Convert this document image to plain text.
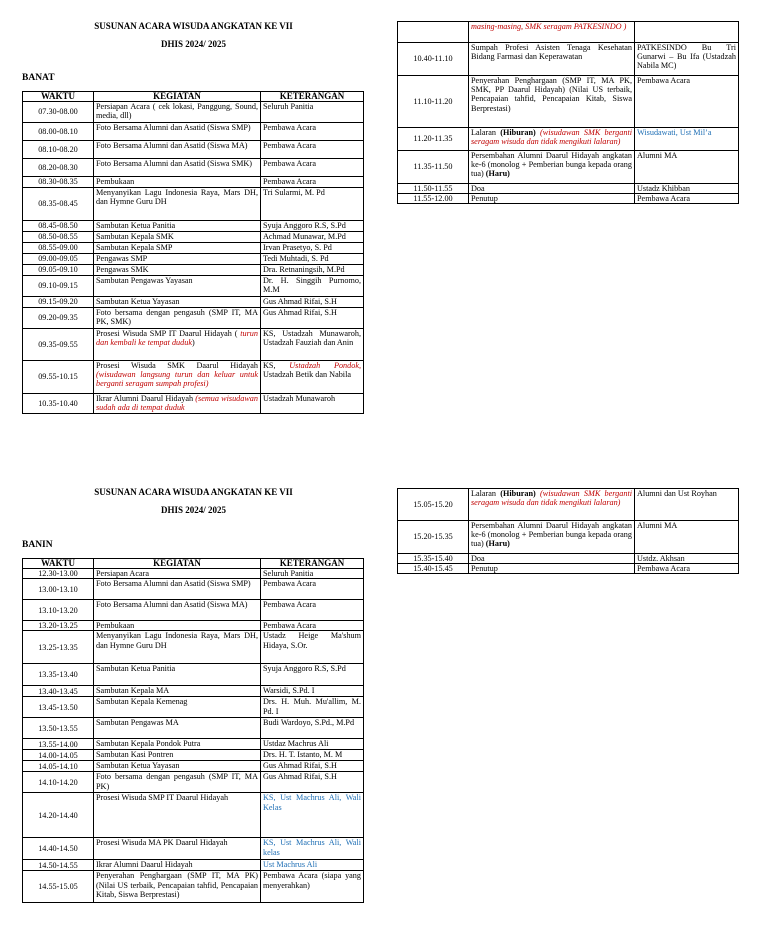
SUSUNAN ACARA WISUDA ANGKATAN KE VII
DHIS 2024/ 2025
BANAT
WAKTU	KEGIATAN	KETERANGAN
07.30-08.00	Persiapan Acara ( cek lokasi, Panggung, Sound, media, dll)	Seluruh Panitia
08.00-08.10	Foto Bersama Alumni dan Asatid (Siswa SMP)	Pembawa Acara
08.10-08.20	Foto Bersama Alumni dan Asatid (Siswa MA)	Pembawa Acara
08.20-08.30	Foto Bersama Alumni dan Asatid (Siswa SMK)	Pembawa Acara
08.30-08.35	Pembukaan	Pembawa Acara
08.35-08.45	Menyanyikan Lagu Indonesia Raya, Mars DH, dan Hymne Guru DH	Tri Sularmi, M. Pd
08.45-08.50	Sambutan Ketua Panitia	Syuja Anggoro R.S, S.Pd
08.50-08.55	Sambutan Kepala SMK	Achmad Munawar, M.Pd
08.55-09.00	Sambutan Kepala SMP	Irvan Prasetyo, S. Pd
09.00-09.05	Pengawas SMP	Tedi Muhtadi, S. Pd
09.05-09.10	Pengawas SMK	Dra. Retnaningsih, M.Pd
09.10-09.15	Sambutan Pengawas Yayasan	Dr. H. Singgih Purnomo, M.M
09.15-09.20	Sambutan Ketua Yayasan	Gus Ahmad Rifai, S.H
09.20-09.35	Foto bersama dengan pengasuh (SMP IT, MA PK, SMK)	Gus Ahmad Rifai, S.H
09.35-09.55	Prosesi Wisuda SMP IT Daarul Hidayah ( turun dan kembali ke tempat duduk)	KS, Ustadzah Munawaroh, Ustadzah Fauziah dan Anin
09.55-10.15	Prosesi Wisuda SMK Daarul Hidayah (wisudawan langsung turun dan keluar untuk berganti seragam sumpah profesi)	KS, Ustadzah Pondok, Ustadzah Betik dan Nabila
10.35-10.40	Ikrar Alumni Daarul Hidayah (semua wisudawan sudah ada di tempat duduk	Ustadzah Munawaroh
	masing-masing, SMK seragam PATKESINDO )	
10.40-11.10	Sumpah Profesi Asisten Tenaga Kesehatan Bidang Farmasi dan Keperawatan	PATKESINDO Bu Tri Gunarwi – Bu Ifa (Ustadzah Nabila MC)
11.10-11.20	Penyerahan Penghargaan (SMP IT, MA PK, SMK, PP Daarul Hidayah) (Nilai US terbaik, Pencapaian tahfid, Pencapaian Kitab, Siswa Berprestasi)	Pembawa Acara
11.20-11.35	Lalaran (Hiburan) (wisudawan SMK berganti seragam wisuda dan tidak mengikuti lalaran)	Wisudawati, Ust Mil’a
11.35-11.50	Persembahan Alumni Daarul Hidayah angkatan ke-6 (monolog + Pemberian bunga kepada orang tua) (Haru)	Alumni MA
11.50-11.55	Doa	Ustadz Khibban
11.55-12.00	Penutup	Pembawa Acara
SUSUNAN ACARA WISUDA ANGKATAN KE VII
DHIS 2024/ 2025
BANIN
WAKTU	KEGIATAN	KETERANGAN
12.30-13.00	Persiapan Acara	Seluruh Panitia
13.00-13.10	Foto Bersama Alumni dan Asatid (Siswa SMP)	Pembawa Acara
13.10-13.20	Foto Bersama Alumni dan Asatid (Siswa MA)	Pembawa Acara
13.20-13.25	Pembukaan	Pembawa Acara
13.25-13.35	Menyanyikan Lagu Indonesia Raya, Mars DH, dan Hymne Guru DH	Ustadz Heige Ma'shum Hidaya, S.Or.
13.35-13.40	Sambutan Ketua Panitia	Syuja Anggoro R.S, S.Pd
13.40-13.45	Sambutan Kepala MA	Warsidi, S.Pd. I
13.45-13.50	Sambutan Kepala Kemenag	Drs. H. Muh. Mu'allim, M. Pd. I
13.50-13.55	Sambutan Pengawas MA	Budi Wardoyo, S.Pd., M.Pd
13.55-14.00	Sambutan Kepala Pondok Putra	Ustdaz Machrus Ali
14.00-14.05	Sambutan Kasi Pontren	Drs. H. T. Istanto, M. M
14.05-14.10	Sambutan Ketua Yayasan	Gus Ahmad Rifai, S.H
14.10-14.20	Foto bersama dengan pengasuh (SMP IT, MA PK)	Gus Ahmad Rifai, S.H
14.20-14.40	Prosesi Wisuda SMP IT Daarul Hidayah	KS, Ust Machrus Ali, Wali Kelas
14.40-14.50	Prosesi Wisuda MA PK Daarul Hidayah	KS, Ust Machrus Ali, Wali kelas
14.50-14.55	Ikrar Alumni Daarul Hidayah	Ust Machrus Ali
14.55-15.05	Penyerahan Penghargaan (SMP IT, MA PK) (Nilai US terbaik, Pencapaian tahfid, Pencapaian Kitab, Siswa Berprestasi)	Pembawa Acara (siapa yang menyerahkan)
15.05-15.20	Lalaran (Hiburan) (wisudawan SMK berganti seragam wisuda dan tidak mengikuti lalaran)	Alumni dan Ust Royhan
15.20-15.35	Persembahan Alumni Daarul Hidayah angkatan ke-6 (monolog + Pemberian bunga kepada orang tua) (Haru)	Alumni MA
15.35-15.40	Doa	Ustdz. Akhsan
15.40-15.45	Penutup	Pembawa Acara
